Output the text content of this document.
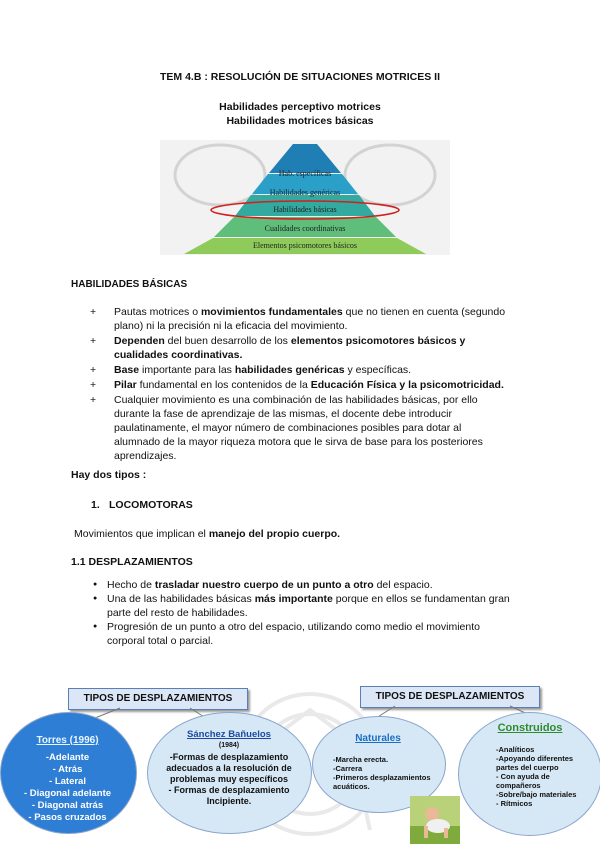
TEM 4.B : RESOLUCIÓN DE SITUACIONES MOTRICES II
Habilidades perceptivo motrices
Habilidades motrices básicas
Hab. específicas
Habilidades genéricas
Habilidades básicas
Cualidades coordinativas
Elementos psicomotores básicos
HABILIDADES BÁSICAS
+ Pautas motrices o movimientos fundamentales que no tienen en cuenta (segundo plano) ni la precisión ni la eficacia del movimiento.
+ Dependen del buen desarrollo de los elementos psicomotores básicos y cualidades coordinativas.
+ Base importante para las habilidades genéricas y específicas.
+ Pilar fundamental en los contenidos de la Educación Física y la psicomotricidad.
+ Cualquier movimiento es una combinación de las habilidades básicas, por ello durante la fase de aprendizaje de las mismas, el docente debe introducir paulatinamente, el mayor número de combinaciones posibles para dotar al alumnado de la mayor riqueza motora que le sirva de base para los posteriores aprendizajes.
Hay dos tipos :
1. LOCOMOTORAS
Movimientos que implican el manejo del propio cuerpo.
1.1 DESPLAZAMIENTOS
● Hecho de trasladar nuestro cuerpo de un punto a otro del espacio.
● Una de las habilidades básicas más importante porque en ellos se fundamentan gran parte del resto de habilidades.
● Progresión de un punto a otro del espacio, utilizando como medio el movimiento corporal total o parcial.
TIPOS DE DESPLAZAMIENTOS
Torres (1996)
-Adelante
- Atrás
- Lateral
- Diagonal adelante
- Diagonal atrás
- Pasos cruzados
Sánchez Bañuelos
(1984)
-Formas de desplazamiento adecuados a la resolución de problemas muy específicos
- Formas de desplazamiento Incipiente.
TIPOS DE DESPLAZAMIENTOS
Naturales
-Marcha erecta.
-Carrera
-Primeros desplazamientos acuáticos.
Construidos
-Analíticos
-Apoyando diferentes partes del cuerpo
- Con ayuda de compañeros
-Sobre/bajo materiales
- Rítmicos
